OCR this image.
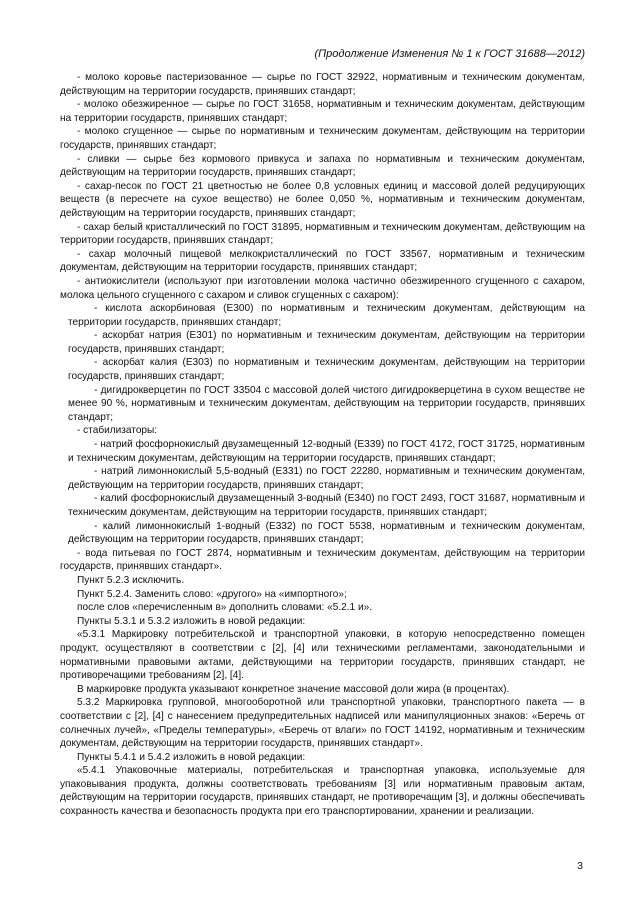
(Продолжение Изменения № 1 к ГОСТ 31688—2012)

- молоко коровье пастеризованное — сырье по ГОСТ 32922, нормативным и техническим документам, действующим на территории государств, принявших стандарт;

- молоко обезжиренное — сырье по ГОСТ 31658, нормативным и техническим документам, действующим на территории государств, принявших стандарт;

- молоко сгущенное — сырье по нормативным и техническим документам, действующим на территории государств, принявших стандарт;

- сливки — сырье без кормового привкуса и запаха по нормативным и техническим документам, действующим на территории государств, принявших стандарт;

- сахар-песок по ГОСТ 21 цветностью не более 0,8 условных единиц и массовой долей редуцирующих веществ (в пересчете на сухое вещество) не более 0,050 %, нормативным и техническим документам, действующим на территории государств, принявших стандарт;

- сахар белый кристаллический по ГОСТ 31895, нормативным и техническим документам, действующим на территории государств, принявших стандарт;

- сахар молочный пищевой мелкокристаллический по ГОСТ 33567, нормативным и техническим документам, действующим на территории государств, принявших стандарт;

- антиокислители (используют при изготовлении молока частично обезжиренного сгущенного с сахаром, молока цельного сгущенного с сахаром и сливок сгущенных с сахаром):

- кислота аскорбиновая (Е300) по нормативным и техническим документам, действующим на территории государств, принявших стандарт;

- аскорбат натрия (Е301) по нормативным и техническим документам, действующим на территории государств, принявших стандарт;

- аскорбат калия (Е303) по нормативным и техническим документам, действующим на территории государств, принявших стандарт;

- дигидрокверцетин по ГОСТ 33504 с массовой долей чистого дигидрокверцетина в сухом веществе не менее 90 %, нормативным и техническим документам, действующим на территории государств, принявших стандарт;

- стабилизаторы:

- натрий фосфорнокислый двузамещенный 12-водный (Е339) по ГОСТ 4172, ГОСТ 31725, нормативным и техническим документам, действующим на территории государств, принявших стандарт;

- натрий лимоннокислый 5,5-водный (Е331) по ГОСТ 22280, нормативным и техническим документам, действующим на территории государств, принявших стандарт;

- калий фосфорнокислый двузамещенный 3-водный (Е340) по ГОСТ 2493, ГОСТ 31687, нормативным и техническим документам, действующим на территории государств, принявших стандарт;

- калий лимоннокислый 1-водный (Е332) по ГОСТ 5538, нормативным и техническим документам, действующим на территории государств, принявших стандарт;

- вода питьевая по ГОСТ 2874, нормативным и техническим документам, действующим на территории государств, принявших стандарт».

Пункт 5.2.3 исключить.

Пункт 5.2.4. Заменить слово: «другого» на «импортного»;

после слов «перечисленным в» дополнить словами: «5.2.1 и».

Пункты 5.3.1 и 5.3.2 изложить в новой редакции:

«5.3.1 Маркировку потребительской и транспортной упаковки, в которую непосредственно помещен продукт, осуществляют в соответствии с [2], [4] или техническими регламентами, законодательными и нормативными правовыми актами, действующими на территории государств, принявших стандарт, не противоречащими требованиям [2], [4].

В маркировке продукта указывают конкретное значение массовой доли жира (в процентах).

5.3.2 Маркировка групповой, многооборотной или транспортной упаковки, транспортного пакета — в соответствии с [2], [4] с нанесением предупредительных надписей или манипуляционных знаков: «Беречь от солнечных лучей», «Пределы температуры», «Беречь от влаги» по ГОСТ 14192, нормативным и техническим документам, действующим на территории государств, принявших стандарт».

Пункты 5.4.1 и 5.4.2 изложить в новой редакции:

«5.4.1 Упаковочные материалы, потребительская и транспортная упаковка, используемые для упаковывания продукта, должны соответствовать требованиям [3] или нормативным правовым актам, действующим на территории государств, принявших стандарт, не противоречащим [3], и должны обеспечивать сохранность качества и безопасность продукта при его транспортировании, хранении и реализации.

3
